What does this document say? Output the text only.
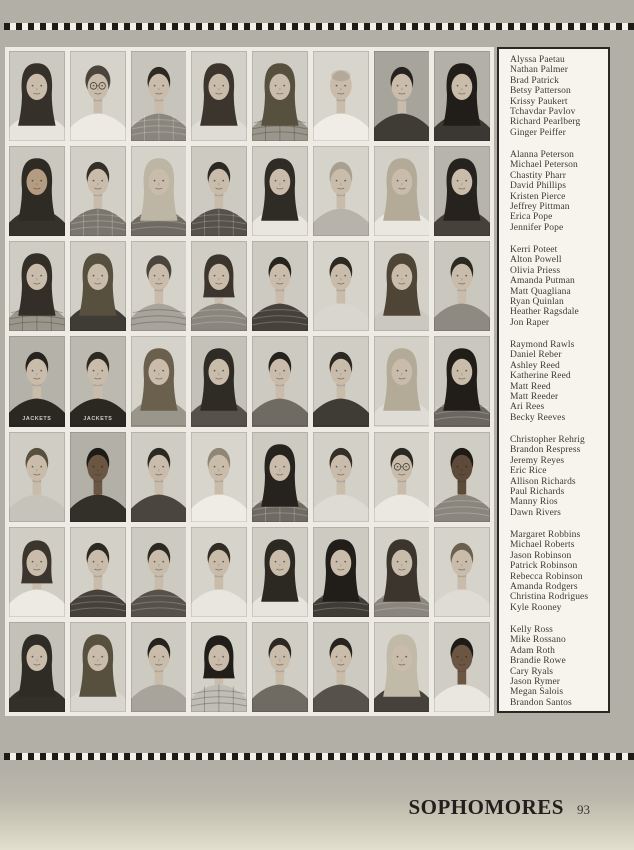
JACKETS	JACKETS
Alyssa Paetau
Nathan Palmer
Brad Patrick
Betsy Patterson
Krissy Paukert
Tchavdar Pavlov
Richard Pearlberg
Ginger Peiffer
Alanna Peterson
Michael Peterson
Chastity Pharr
David Phillips
Kristen Pierce
Jeffrey Pittman
Erica Pope
Jennifer Pope
Kerri Poteet
Alton Powell
Olivia Priess
Amanda Putman
Matt Quagliana
Ryan Quinlan
Heather Ragsdale
Jon Raper
Raymond Rawls
Daniel Reber
Ashley Reed
Katherine Reed
Matt Reed
Matt Reeder
Ari Rees
Becky Reeves
Christopher Rehrig
Brandon Respress
Jeremy Reyes
Eric Rice
Allison Richards
Paul Richards
Manny Rios
Dawn Rivers
Margaret Robbins
Michael Roberts
Jason Robinson
Patrick Robinson
Rebecca Robinson
Amanda Rodgers
Christina Rodrigues
Kyle Rooney
Kelly Ross
Mike Rossano
Adam Roth
Brandie Rowe
Cary Ryals
Jason Rymer
Megan Salois
Brandon Santos
SOPHOMORES 93
